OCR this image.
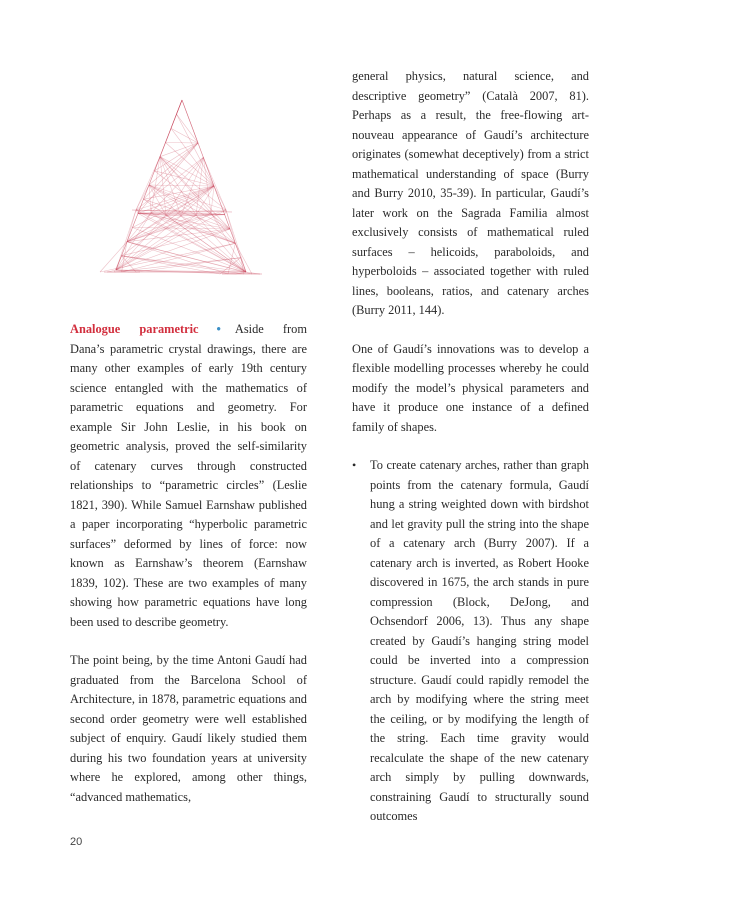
Analogue parametric • Aside from Dana’s parametric crystal drawings, there are many other examples of early 19th century science entangled with the mathematics of parametric equations and geometry. For example Sir John Leslie, in his book on geometric analysis, proved the self-similarity of catenary curves through constructed relationships to “parametric circles” (Leslie 1821, 390). While Samuel Earnshaw published a paper incorporating “hyperbolic parametric surfaces” deformed by lines of force: now known as Earnshaw’s theorem (Earnshaw 1839, 102). These are two examples of many showing how parametric equations have long been used to describe geometry.

The point being, by the time Antoni Gaudí had graduated from the Barcelona School of Architecture, in 1878, parametric equations and second order geometry were well established subject of enquiry. Gaudí likely studied them during his two foundation years at university where he explored, among other things, “advanced mathematics,

general physics, natural science, and descriptive geometry” (Català 2007, 81). Perhaps as a result, the free-flowing art-nouveau appearance of Gaudí’s architecture originates (somewhat deceptively) from a strict mathematical understanding of space (Burry and Burry 2010, 35-39). In particular, Gaudí’s later work on the Sagrada Familia almost exclusively consists of mathematical ruled surfaces – helicoids, paraboloids, and hyperboloids – associated together with ruled lines, booleans, ratios, and catenary arches (Burry 2011, 144).

One of Gaudí’s innovations was to develop a flexible modelling processes whereby he could modify the model’s physical parameters and have it produce one instance of a defined family of shapes.

• To create catenary arches, rather than graph points from the catenary formula, Gaudí hung a string weighted down with birdshot and let gravity pull the string into the shape of a catenary arch (Burry 2007). If a catenary arch is inverted, as Robert Hooke discovered in 1675, the arch stands in pure compression (Block, DeJong, and Ochsendorf 2006, 13). Thus any shape created by Gaudí’s hanging string model could be inverted into a compression structure. Gaudí could rapidly remodel the arch by modifying where the string meet the ceiling, or by modifying the length of the string. Each time gravity would recalculate the shape of the new catenary arch simply by pulling downwards, constraining Gaudí to structurally sound outcomes

20
